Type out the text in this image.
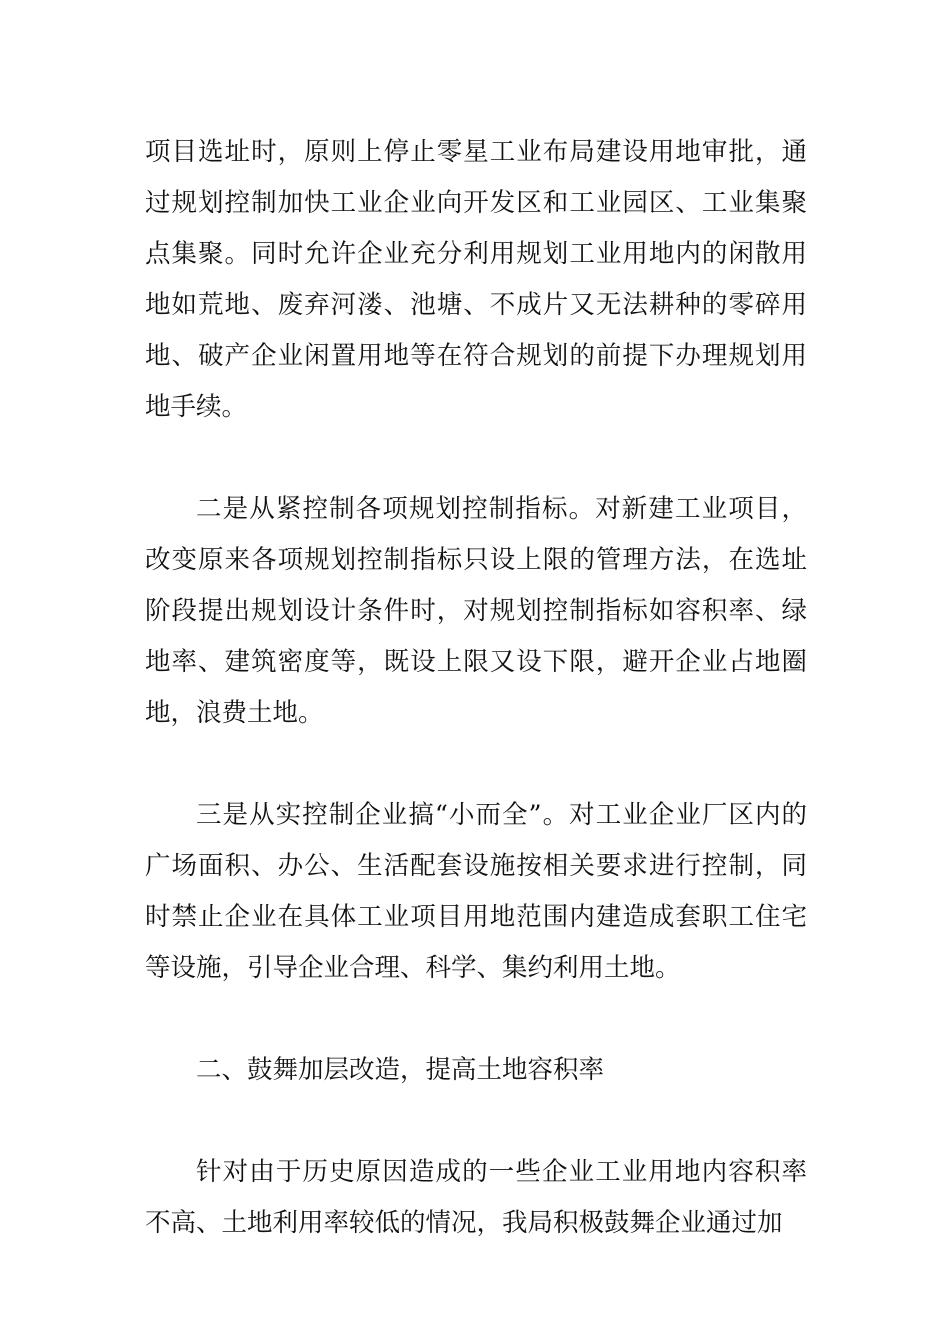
项目选址时，原则上停止零星工业布局建设用地审批，通过规划控制加快工业企业向开发区和工业园区、工业集聚点集聚。同时允许企业充分利用规划工业用地内的闲散用地如荒地、废弃河溇、池塘、不成片又无法耕种的零碎用地、破产企业闲置用地等在符合规划的前提下办理规划用地手续。

二是从紧控制各项规划控制指标。对新建工业项目，改变原来各项规划控制指标只设上限的管理方法，在选址阶段提出规划设计条件时，对规划控制指标如容积率、绿地率、建筑密度等，既设上限又设下限，避开企业占地圈地，浪费土地。

三是从实控制企业搞“小而全”。对工业企业厂区内的广场面积、办公、生活配套设施按相关要求进行控制，同时禁止企业在具体工业项目用地范围内建造成套职工住宅等设施，引导企业合理、科学、集约利用土地。

二、鼓舞加层改造，提高土地容积率

针对由于历史原因造成的一些企业工业用地内容积率不高、土地利用率较低的情况，我局积极鼓舞企业通过加
